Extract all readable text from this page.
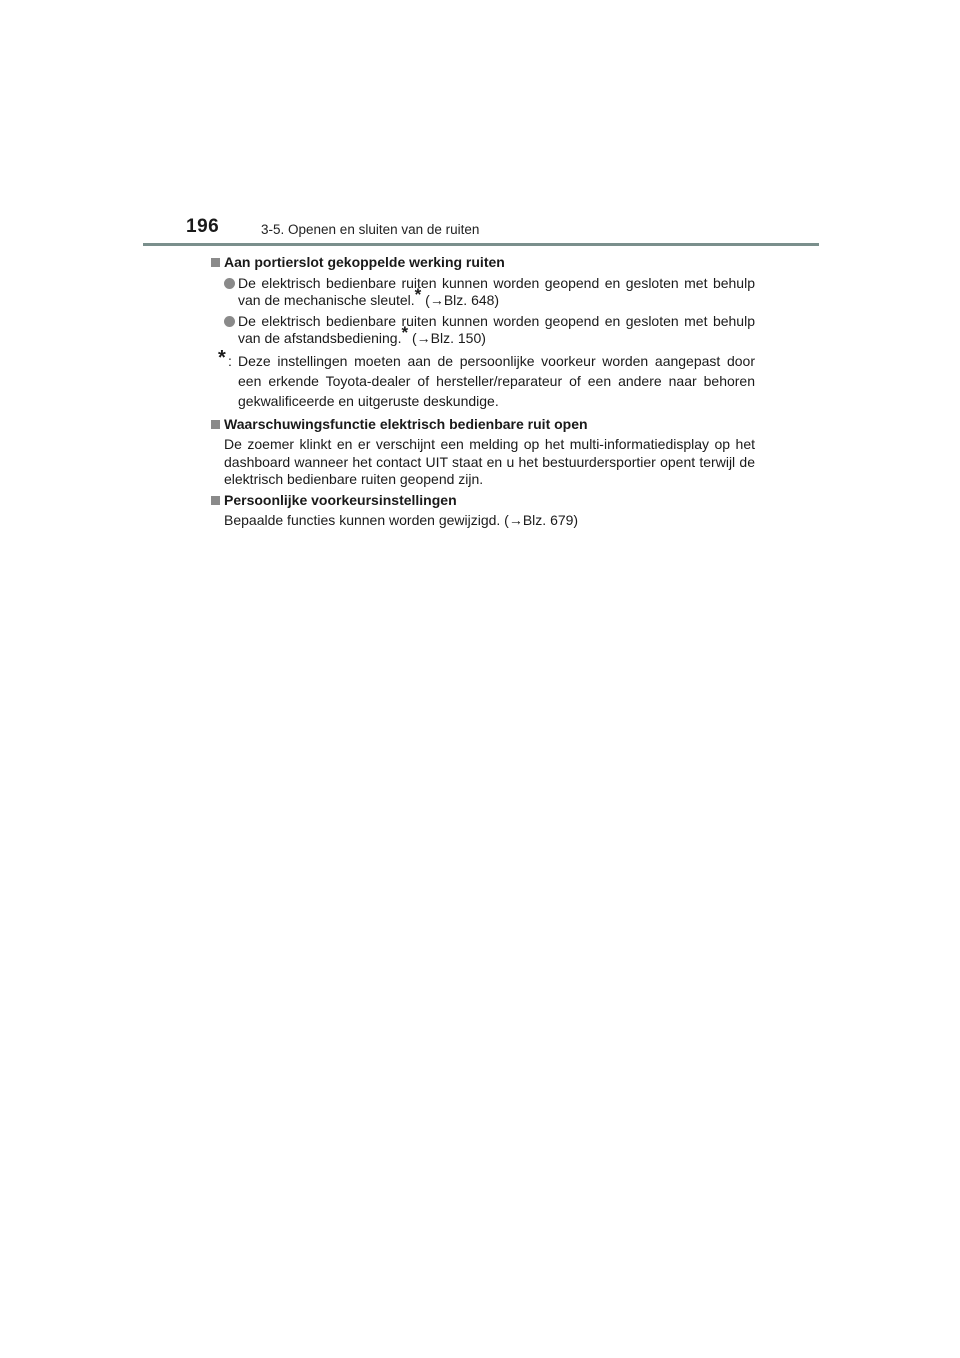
196	3-5. Openen en sluiten van de ruiten
Aan portierslot gekoppelde werking ruiten
De elektrisch bedienbare ruiten kunnen worden geopend en gesloten met behulp van de mechanische sleutel.* (→Blz. 648)
De elektrisch bedienbare ruiten kunnen worden geopend en gesloten met behulp van de afstandsbediening.* (→Blz. 150)
* : Deze instellingen moeten aan de persoonlijke voorkeur worden aangepast door een erkende Toyota-dealer of hersteller/reparateur of een andere naar behoren gekwalificeerde en uitgeruste deskundige.
Waarschuwingsfunctie elektrisch bedienbare ruit open
De zoemer klinkt en er verschijnt een melding op het multi-informatiedisplay op het dashboard wanneer het contact UIT staat en u het bestuurdersportier opent terwijl de elektrisch bedienbare ruiten geopend zijn.
Persoonlijke voorkeursinstellingen
Bepaalde functies kunnen worden gewijzigd. (→Blz. 679)
